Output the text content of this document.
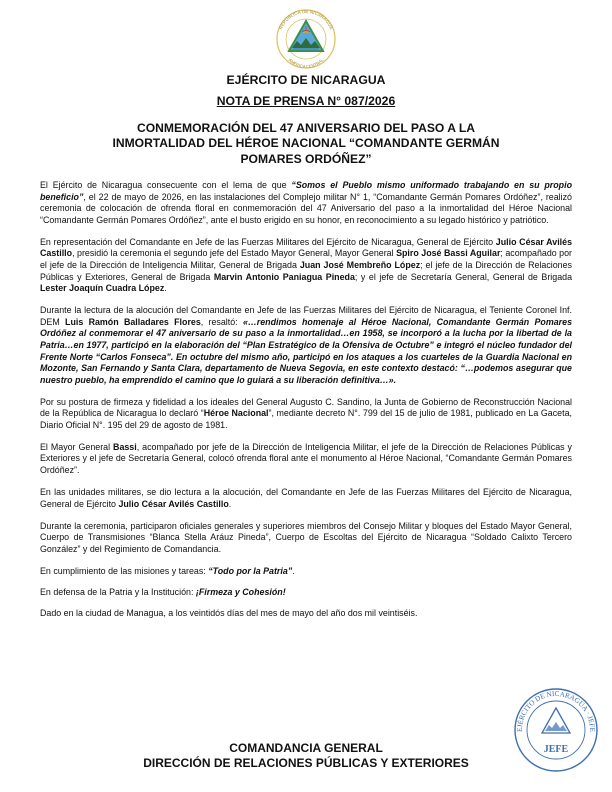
REPÚBLICA DE NICARAGUA
AMÉRICA CENTRAL
EJÉRCITO DE NICARAGUA
NOTA DE PRENSA N° 087/2026
CONMEMORACIÓN DEL 47 ANIVERSARIO DEL PASO A LA
INMORTALIDAD DEL HÉROE NACIONAL “COMANDANTE GERMÁN
POMARES ORDÓÑEZ”

El Ejército de Nicaragua consecuente con el lema de que “Somos el Pueblo mismo uniformado trabajando en su propio beneficio”, el 22 de mayo de 2026, en las instalaciones del Complejo militar N° 1, “Comandante Germán Pomares Ordóñez”, realizó ceremonia de colocación de ofrenda floral en conmemoración del 47 Aniversario del paso a la inmortalidad del Héroe Nacional “Comandante Germán Pomares Ordóñez”, ante el busto erigido en su honor, en reconocimiento a su legado histórico y patriótico.

En representación del Comandante en Jefe de las Fuerzas Militares del Ejército de Nicaragua, General de Ejército Julio César Avilés Castillo, presidió la ceremonia el segundo jefe del Estado Mayor General, Mayor General Spiro José Bassi Aguilar; acompañado por el jefe de la Dirección de Inteligencia Militar, General de Brigada Juan José Membreño López; el jefe de la Dirección de Relaciones Públicas y Exteriores, General de Brigada Marvin Antonio Paniagua Pineda; y el jefe de Secretaría General, General de Brigada Lester Joaquín Cuadra López.

Durante la lectura de la alocución del Comandante en Jefe de las Fuerzas Militares del Ejército de Nicaragua, el Teniente Coronel Inf. DEM Luis Ramón Balladares Flores, resaltó: «…rendimos homenaje al Héroe Nacional, Comandante Germán Pomares Ordóñez al conmemorar el 47 aniversario de su paso a la inmortalidad…en 1958, se incorporó a la lucha por la libertad de la Patria…en 1977, participó en la elaboración del “Plan Estratégico de la Ofensiva de Octubre” e integró el núcleo fundador del Frente Norte “Carlos Fonseca”. En octubre del mismo año, participó en los ataques a los cuarteles de la Guardia Nacional en Mozonte, San Fernando y Santa Clara, departamento de Nueva Segovia, en este contexto destacó: “…podemos asegurar que nuestro pueblo, ha emprendido el camino que lo guiará a su liberación definitiva…».

Por su postura de firmeza y fidelidad a los ideales del General Augusto C. Sandino, la Junta de Gobierno de Reconstrucción Nacional de la República de Nicaragua lo declaró “Héroe Nacional”, mediante decreto N°. 799 del 15 de julio de 1981, publicado en La Gaceta, Diario Oficial N°. 195 del 29 de agosto de 1981.

El Mayor General Bassi, acompañado por jefe de la Dirección de Inteligencia Militar, el jefe de la Dirección de Relaciones Públicas y Exteriores y el jefe de Secretaría General, colocó ofrenda floral ante el monumento al Héroe Nacional, “Comandante Germán Pomares Ordóñez”.

En las unidades militares, se dio lectura a la alocución, del Comandante en Jefe de las Fuerzas Militares del Ejército de Nicaragua, General de Ejército Julio César Avilés Castillo.

Durante la ceremonia, participaron oficiales generales y superiores miembros del Consejo Militar y bloques del Estado Mayor General, Cuerpo de Transmisiones “Blanca Stella Aráuz Pineda”, Cuerpo de Escoltas del Ejército de Nicaragua “Soldado Calixto Tercero González” y del Regimiento de Comandancia.

En cumplimiento de las misiones y tareas: “Todo por la Patria”.

En defensa de la Patria y la Institución: ¡Firmeza y Cohesión!

Dado en la ciudad de Managua, a los veintidós días del mes de mayo del año dos mil veintiséis.

EJÉRCITO DE NICARAGUA · JEFE
JEFE
COMANDANCIA GENERAL
DIRECCIÓN DE RELACIONES PÚBLICAS Y EXTERIORES
